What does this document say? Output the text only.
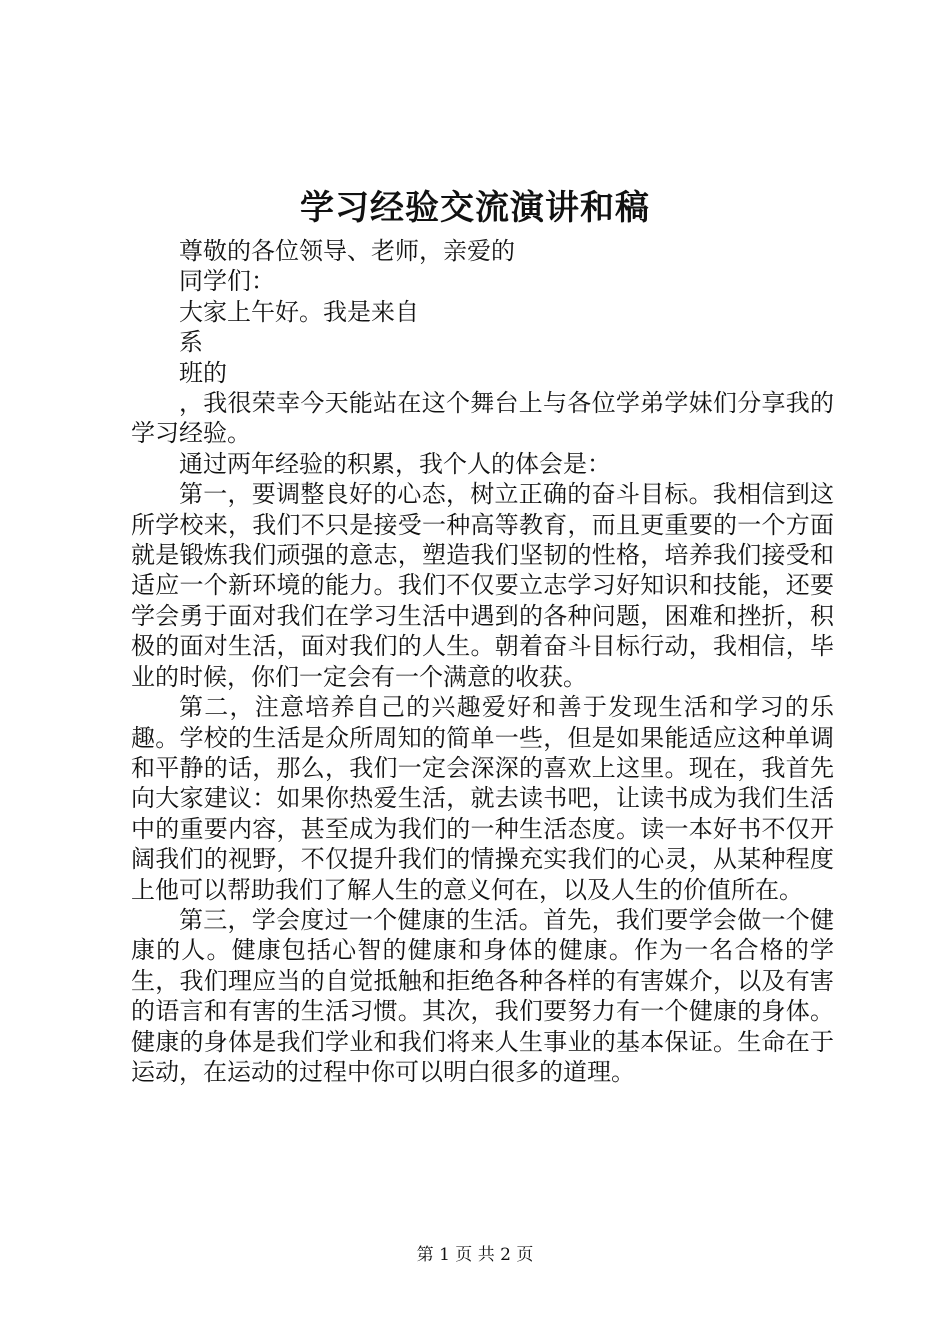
学习经验交流演讲和稿

尊敬的各位领导、老师，亲爱的

同学们：

大家上午好。我是来自

系

班的

，我很荣幸今天能站在这个舞台上与各位学弟学妹们分享我的学习经验。

通过两年经验的积累，我个人的体会是：

第一，要调整良好的心态，树立正确的奋斗目标。我相信到这所学校来，我们不只是接受一种高等教育，而且更重要的一个方面就是锻炼我们顽强的意志，塑造我们坚韧的性格，培养我们接受和适应一个新环境的能力。我们不仅要立志学习好知识和技能，还要学会勇于面对我们在学习生活中遇到的各种问题，困难和挫折，积极的面对生活，面对我们的人生。朝着奋斗目标行动，我相信，毕业的时候，你们一定会有一个满意的收获。

第二，注意培养自己的兴趣爱好和善于发现生活和学习的乐趣。学校的生活是众所周知的简单一些，但是如果能适应这种单调和平静的话，那么，我们一定会深深的喜欢上这里。现在，我首先向大家建议：如果你热爱生活，就去读书吧，让读书成为我们生活中的重要内容，甚至成为我们的一种生活态度。读一本好书不仅开阔我们的视野，不仅提升我们的情操充实我们的心灵，从某种程度上他可以帮助我们了解人生的意义何在，以及人生的价值所在。

第三，学会度过一个健康的生活。首先，我们要学会做一个健康的人。健康包括心智的健康和身体的健康。作为一名合格的学生，我们理应当的自觉抵触和拒绝各种各样的有害媒介，以及有害的语言和有害的生活习惯。其次，我们要努力有一个健康的身体。健康的身体是我们学业和我们将来人生事业的基本保证。生命在于运动，在运动的过程中你可以明白很多的道理。

第 1 页 共 2 页
